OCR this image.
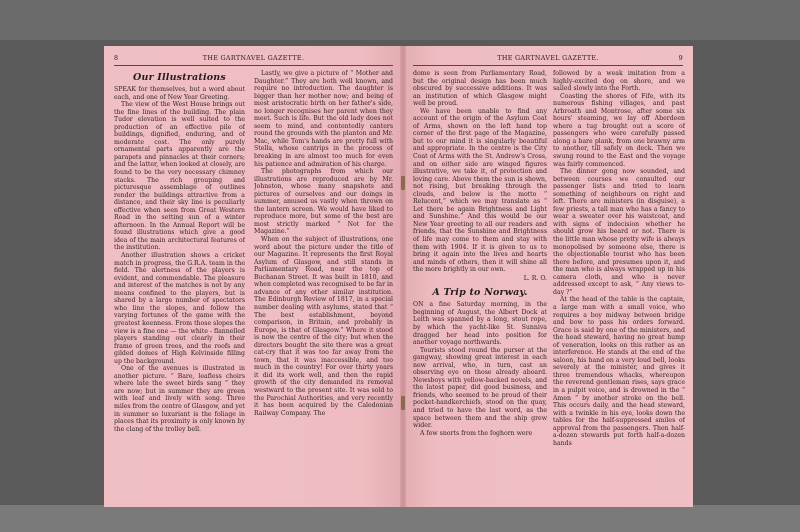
8	THE GARTNAVEL GAZETTE.
Our Illustrations

SPEAK for themselves, but a word about each, and one of New Year Greeting.

The view of the West House brings out the fine lines of the building. The plain Tudor elevation is well suited to the production of an effective pile of buildings, dignified, enduring, and of moderate cost. The only purely ornamental parts apparently are the parapets and pinnacles at their corners; and the latter, when looked at closely, are found to be the very necessary chimney stacks. The rich grouping and picturesque assemblage of outlines render the buildings attractive from a distance, and their sky line is peculiarly effective when seen from Great Western Road in the setting sun of a winter afternoon. In the Annual Report will be found illustrations which give a good idea of the main architectural features of the institution.

Another illustration shows a cricket match in progress, the G.R.A. team in the field. The alertness of the players is evident, and commendable. The pleasure and interest of the matches is not by any means confined to the players, but is shared by a large number of spectators who line the slopes, and follow the varying fortunes of the game with the greatest keenness. From those slopes the view is a fine one — the white - flannelled players standing out clearly in their frame of green trees, and the roofs and gilded domes of High Kelvinside filling up the background.

One of the avenues is illustrated in another picture. “ Bare, leafless choirs where late the sweet birds sang ” they are now; but in summer they are green with leaf and lively with song. Three miles from the centre of Glasgow, and yet in summer so luxuriant is the foliage in places that its proximity is only known by the clang of the trolley bell.

Lastly, we give a picture of “ Mother and Daughter.” They are both well known, and require no introduction. The daughter is bigger than her mother now; and being of most aristocratic birth on her father's side, no longer recognises her parent when they meet. Such is life. But the old lady does not seem to mind, and contentedly canters round the grounds with the planton and Mr. Mac, while Tom's hands are pretty full with Stella, whose cantrips in the process of breaking in are almost too much for even his patience and admiration of his charge.

The photographs from which our illustrations are reproduced are by Mr. Johnston, whose many snapshots and pictures of ourselves and our doings in summer, amused us vastly when thrown on the lantern screen. We would have liked to reproduce more, but some of the best are most strictly marked “ Not for the Magazine.”

When on the subject of illustrations, one word about the picture under the title of our Magazine. It represents the first Royal Asylum of Glasgow, and still stands in Parliamentary Road, near the top of Buchanan Street. It was built in 1810, and when completed was recognised to be far in advance of any other similar institution. The Edinburgh Review of 1817, in a special number dealing with asylums, stated that “ The best establishment, beyond comparison, in Britain, and probably in Europe, is that of Glasgow.” Where it stood is now the centre of the city; but when the directors bought the site there was a great cat-cry that it was too far away from the town, that it was inaccessible, and too much in the country! For over thirty years it did its work well, and then the rapid growth of the city demanded its removal westward to the present site. It was sold to the Parochial Authorities, and very recently it has been acquired by the Caledonian Railway Company. The

THE GARTNAVEL GAZETTE.	9

dome is seen from Parliamentary Road, but the original design has been much obscured by successive additions. It was an institution of which Glasgow might well be proud.

We have been unable to find any account of the origin of the Asylum Coat of Arms, shown on the left hand top corner of the first page of the Magazine, but to our mind it is singularly beautiful and appropriate. In the centre is the City Coat of Arms with the St. Andrew's Cross, and on either side are winged figures illustrative, we take it, of protection and loving care. Above them the sun is shown, not rising, but breaking through the clouds, and below is the motto “ Relucent,” which we may translate as “ Let there be again Brightness and Light and Sunshine.” And this would be our New Year greeting to all our readers and friends, that the Sunshine and Brightness of life may come to them and stay with them with 1904. If it is given to us to bring it again into the lives and hearts and minds of others, then it will shine all the more brightly in our own.

L. R. O.
A Trip to Norway.

ON a fine Saturday morning, in the beginning of August, the Albert Dock at Leith was spanned by a long, stout rope, by which the yacht-like St. Sunniva dragged her head into position for another voyage northwards.

Tourists stood round the purser at the gangway, showing great interest in each new arrival, who, in turn, cast an observing eye on those already aboard. Newsboys with yellow-backed novels, and the latest paper, did good business, and friends, who seemed to be proud of their pocket-handkerchiefs, stood on the quay, and tried to have the last word, as the space between them and the ship grew wider.

A few snorts from the foghorn were

followed by a weak imitation from a highly-excited dog on shore, and we sailed slowly into the Forth.

Coasting the shores of Fife, with its numerous fishing villages, and past Arbroath and Montrose, after some six hours' steaming, we lay off Aberdeen where a tug brought out a score of passengers who were carefully passed along a bare plank, from one brawny arm to another, till safely on deck. Then we swung round to the East and the voyage was fairly commenced.

The dinner gong now sounded, and between courses we consulted our passenger lists and tried to learn something of neighbours on right and left. There are ministers (in disguise), a few priests, a tall man who has a fancy to wear a sweater over his waistcoat, and with signs of indecision whether he should grow his beard or not. There is the little man whose pretty wife is always monopolised by someone else, there is the objectionable tourist who has been there before, and presumes upon it, and the man who is always wrapped up in his camera cloth, and who is never addressed except to ask, “ Any views to-day ?”

At the head of the table is the captain, a large man with a small voice, who requires a boy midway between bridge and bow to pass his orders forward. Grace is said by one of the ministers, and the head steward, having no great hump of veneration, looks on this rather as an interference. He stands at the end of the saloon, his hand on a very loud bell, looks severely at the minister, and gives it three tremendous whacks, whereupon the reverend gentleman rises, says grace in a pulpit voice, and is drowned in the “ Amen ” by another stroke on the bell. This occurs daily, and the head steward, with a twinkle in his eye, looks down the tables for the half-suppressed smiles of approval from the passengers. Then half-a-dozen stewards put forth half-a-dozen hands
